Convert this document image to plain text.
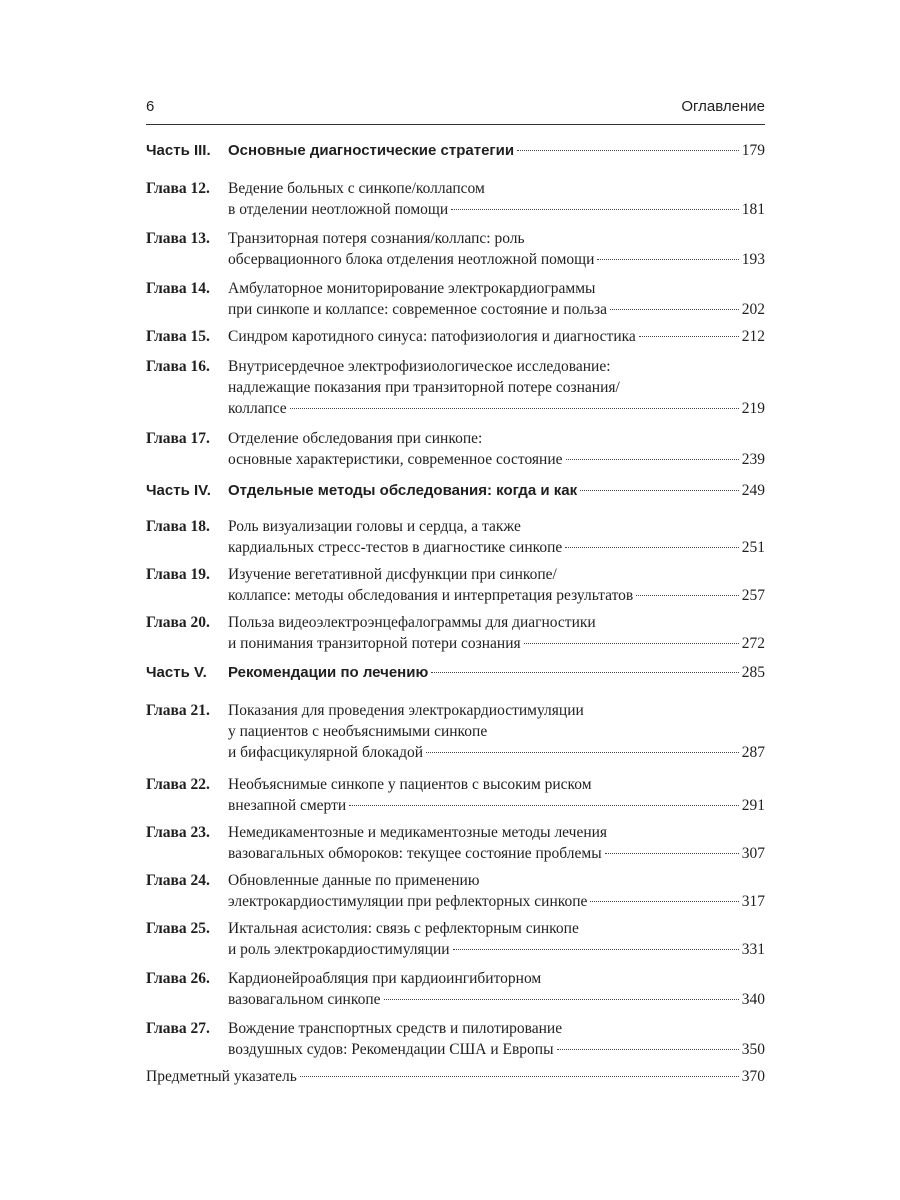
6	Оглавление
Часть III. Основные диагностические стратегии	179
Глава 12. Ведение больных с синкопе/коллапсом
в отделении неотложной помощи	181
Глава 13. Транзиторная потеря сознания/коллапс: роль
обсервационного блока отделения неотложной помощи	193
Глава 14. Амбулаторное мониторирование электрокардиограммы
при синкопе и коллапсе: современное состояние и польза	202
Глава 15. Синдром каротидного синуса: патофизиология и диагностика	212
Глава 16. Внутрисердечное электрофизиологическое исследование:
надлежащие показания при транзиторной потере сознания/
коллапсе	219
Глава 17. Отделение обследования при синкопе:
основные характеристики, современное состояние	239
Часть IV. Отдельные методы обследования: когда и как	249
Глава 18. Роль визуализации головы и сердца, а также
кардиальных стресс-тестов в диагностике синкопе	251
Глава 19. Изучение вегетативной дисфункции при синкопе/
коллапсе: методы обследования и интерпретация результатов	257
Глава 20. Польза видеоэлектроэнцефалограммы для диагностики
и понимания транзиторной потери сознания	272
Часть V. Рекомендации по лечению	285
Глава 21. Показания для проведения электрокардиостимуляции
у пациентов с необъяснимыми синкопе
и бифасцикулярной блокадой	287
Глава 22. Необъяснимые синкопе у пациентов с высоким риском
внезапной смерти	291
Глава 23. Немедикаментозные и медикаментозные методы лечения
вазовагальных обмороков: текущее состояние проблемы	307
Глава 24. Обновленные данные по применению
электрокардиостимуляции при рефлекторных синкопе	317
Глава 25. Иктальная асистолия: связь с рефлекторным синкопе
и роль электрокардиостимуляции	331
Глава 26. Кардионейроабляция при кардиоингибиторном
вазовагальном синкопе	340
Глава 27. Вождение транспортных средств и пилотирование
воздушных судов: Рекомендации США и Европы	350
Предметный указатель	370
